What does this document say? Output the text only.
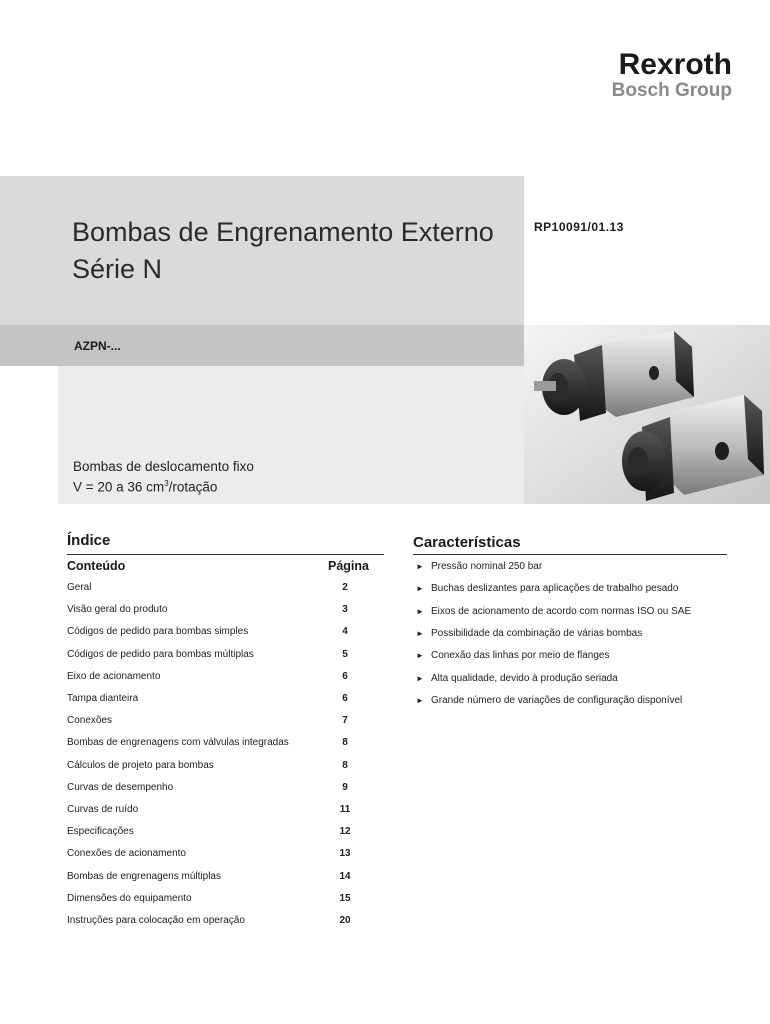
Rexroth
Bosch Group
Bombas de Engrenamento Externo
Série N
RP10091/01.13
AZPN-...
Bombas de deslocamento fixo
V = 20 a 36 $cm^3$/rotação
Índice
Conteúdo	Página
Geral	2
Visão geral do produto	3
Códigos de pedido para bombas simples	4
Códigos de pedido para bombas múltiplas	5
Eixo de acionamento	6
Tampa dianteira	6
Conexões	7
Bombas de engrenagens com válvulas integradas	8
Cálculos de projeto para bombas	8
Curvas de desempenho	9
Curvas de ruído	11
Especificações	12
Conexões de acionamento	13
Bombas de engrenagens múltiplas	14
Dimensões do equipamento	15
Instruções para colocação em operação	20
Características
► Pressão nominal 250 bar
► Buchas deslizantes para aplicações de trabalho pesado
► Eixos de acionamento de acordo com normas ISO ou SAE
► Possibilidade da combinação de várias bombas
► Conexão das linhas por meio de flanges
► Alta qualidade, devido à produção seriada
► Grande número de variações de configuração disponível
